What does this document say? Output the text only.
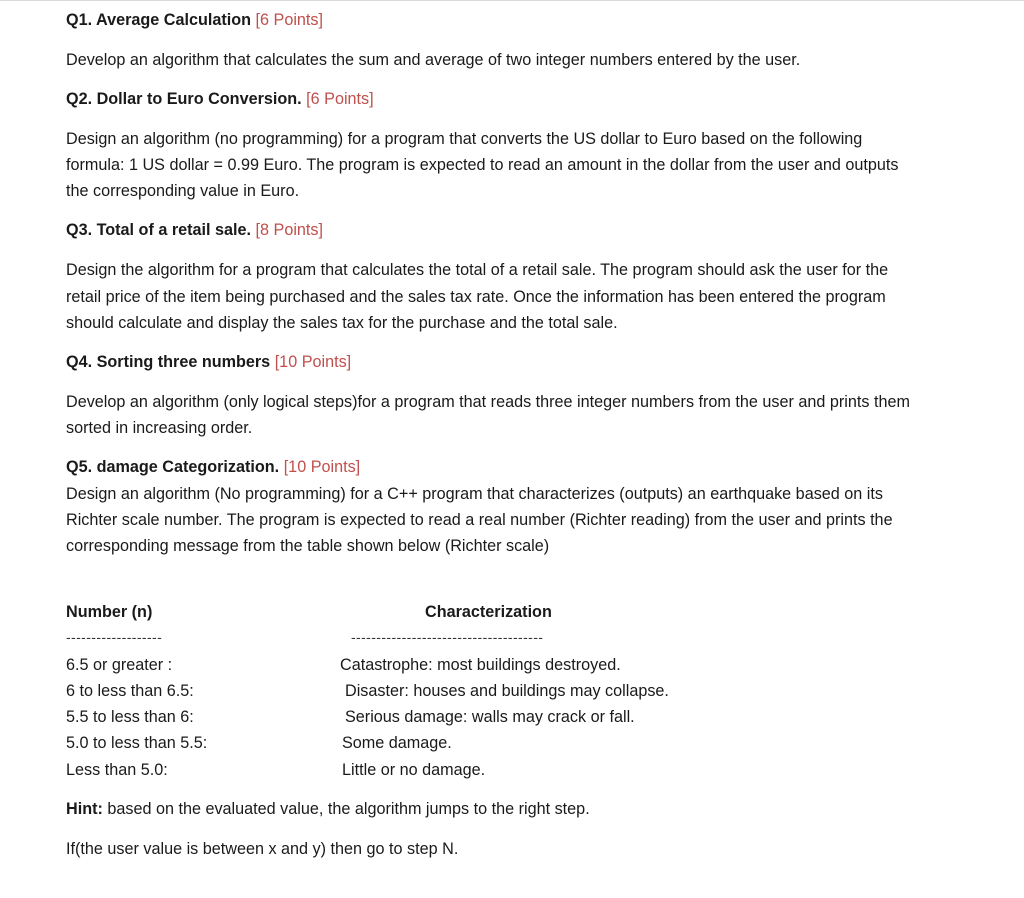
Q1. Average Calculation [6 Points]
Develop an algorithm that calculates the sum and average of two integer numbers entered by the user.
Q2. Dollar to Euro Conversion. [6 Points]
Design an algorithm (no programming) for a program that converts the US dollar to Euro based on the following
formula: 1 US dollar = 0.99 Euro. The program is expected to read an amount in the dollar from the user and outputs
the corresponding value in Euro.
Q3. Total of a retail sale. [8 Points]
Design the algorithm for a program that calculates the total of a retail sale. The program should ask the user for the
retail price of the item being purchased and the sales tax rate. Once the information has been entered the program
should calculate and display the sales tax for the purchase and the total sale.
Q4. Sorting three numbers [10 Points]
Develop an algorithm (only logical steps)for a program that reads three integer numbers from the user and prints them
sorted in increasing order.
Q5. damage Categorization. [10 Points]
Design an algorithm (No programming) for a C++ program that characterizes (outputs) an earthquake based on its
Richter scale number. The program is expected to read a real number (Richter reading) from the user and prints the
corresponding message from the table shown below (Richter scale)
Number (n)	Characterization
-------------------	--------------------------------------
6.5 or greater :	Catastrophe: most buildings destroyed.
6 to less than 6.5:	Disaster: houses and buildings may collapse.
5.5 to less than 6:	Serious damage: walls may crack or fall.
5.0 to less than 5.5:	Some damage.
Less than 5.0:	Little or no damage.
Hint: based on the evaluated value, the algorithm jumps to the right step.
If(the user value is between x and y) then go to step N.
